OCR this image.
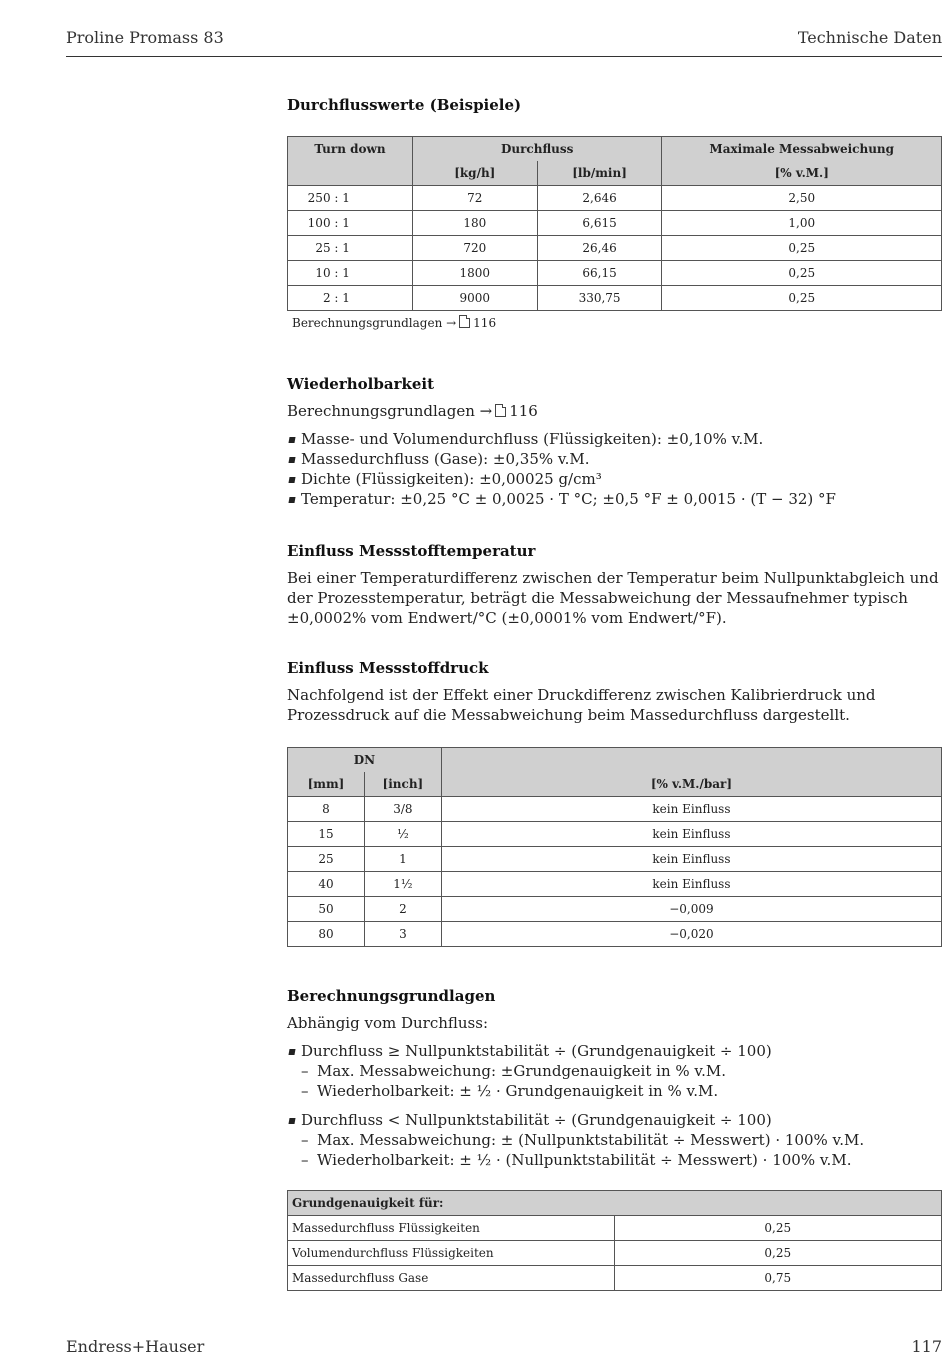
Proline Promass 83	Technische Daten
Durchflusswerte (Beispiele)
Turn down	Durchfluss		Maximale Messabweichung
	[kg/h]	[lb/min]	[% v.M.]
250 : 1	72	2,646	2,50
100 : 1	180	6,615	1,00
25 : 1	720	26,46	0,25
10 : 1	1800	66,15	0,25
2 : 1	9000	330,75	0,25
Berechnungsgrundlagen → 116
Wiederholbarkeit

Berechnungsgrundlagen → 116

Masse- und Volumendurchfluss (Flüssigkeiten): ±0,10% v.M.
Massedurchfluss (Gase): ±0,35% v.M.
Dichte (Flüssigkeiten): ±0,00025 g/cm³
Temperatur: ±0,25 °C ± 0,0025 · T °C; ±0,5 °F ± 0,0015 · (T − 32) °F
Einfluss Messstofftemperatur

Bei einer Temperaturdifferenz zwischen der Temperatur beim Nullpunktabgleich und der Prozesstemperatur, beträgt die Messabweichung der Messaufnehmer typisch ±0,0002% vom Endwert/°C (±0,0001% vom Endwert/°F).

Einfluss Messstoffdruck

Nachfolgend ist der Effekt einer Druckdifferenz zwischen Kalibrierdruck und Prozessdruck auf die Messabweichung beim Massedurchfluss dargestellt.

DN		
[mm]	[inch]	[% v.M./bar]
8	3/8	kein Einfluss
15	½	kein Einfluss
25	1	kein Einfluss
40	1½	kein Einfluss
50	2	−0,009
80	3	−0,020
Berechnungsgrundlagen

Abhängig vom Durchfluss:

Durchfluss ≥ Nullpunktstabilität ÷ (Grundgenauigkeit ÷ 100)
– Max. Messabweichung: ±Grundgenauigkeit in % v.M.
– Wiederholbarkeit: ± ½ · Grundgenauigkeit in % v.M.
Durchfluss < Nullpunktstabilität ÷ (Grundgenauigkeit ÷ 100)
– Max. Messabweichung: ± (Nullpunktstabilität ÷ Messwert) · 100% v.M.
– Wiederholbarkeit: ± ½ · (Nullpunktstabilität ÷ Messwert) · 100% v.M.
Grundgenauigkeit für:	
Massedurchfluss Flüssigkeiten	0,25
Volumendurchfluss Flüssigkeiten	0,25
Massedurchfluss Gase	0,75
Endress+Hauser	117
